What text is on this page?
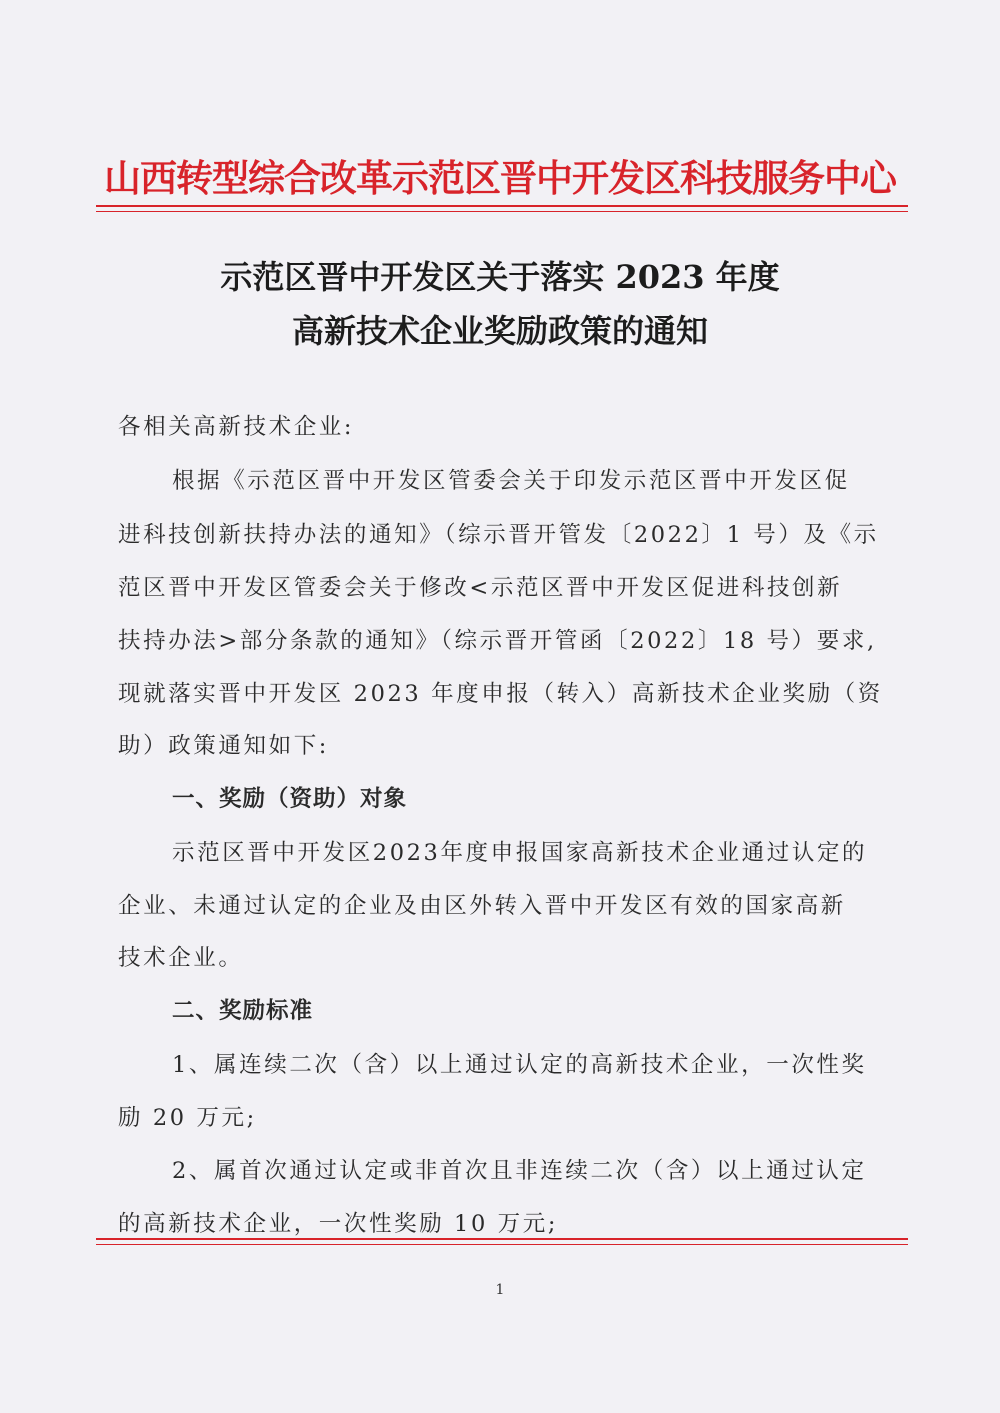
山西转型综合改革示范区晋中开发区科技服务中心
示范区晋中开发区关于落实 2023 年度
高新技术企业奖励政策的通知
各相关高新技术企业:
根据《示范区晋中开发区管委会关于印发示范区晋中开发区促
进科技创新扶持办法的通知》（综示晋开管发〔2022〕1 号）及《示
范区晋中开发区管委会关于修改<示范区晋中开发区促进科技创新
扶持办法>部分条款的通知》（综示晋开管函〔2022〕18 号）要求,
现就落实晋中开发区 2023 年度申报（转入）高新技术企业奖励（资
助）政策通知如下:
一、奖励（资助）对象
示范区晋中开发区2023年度申报国家高新技术企业通过认定的
企业、未通过认定的企业及由区外转入晋中开发区有效的国家高新
技术企业。
二、奖励标准
1、属连续二次（含）以上通过认定的高新技术企业，一次性奖
励 20 万元;
2、属首次通过认定或非首次且非连续二次（含）以上通过认定
的高新技术企业，一次性奖励 10 万元;
1
